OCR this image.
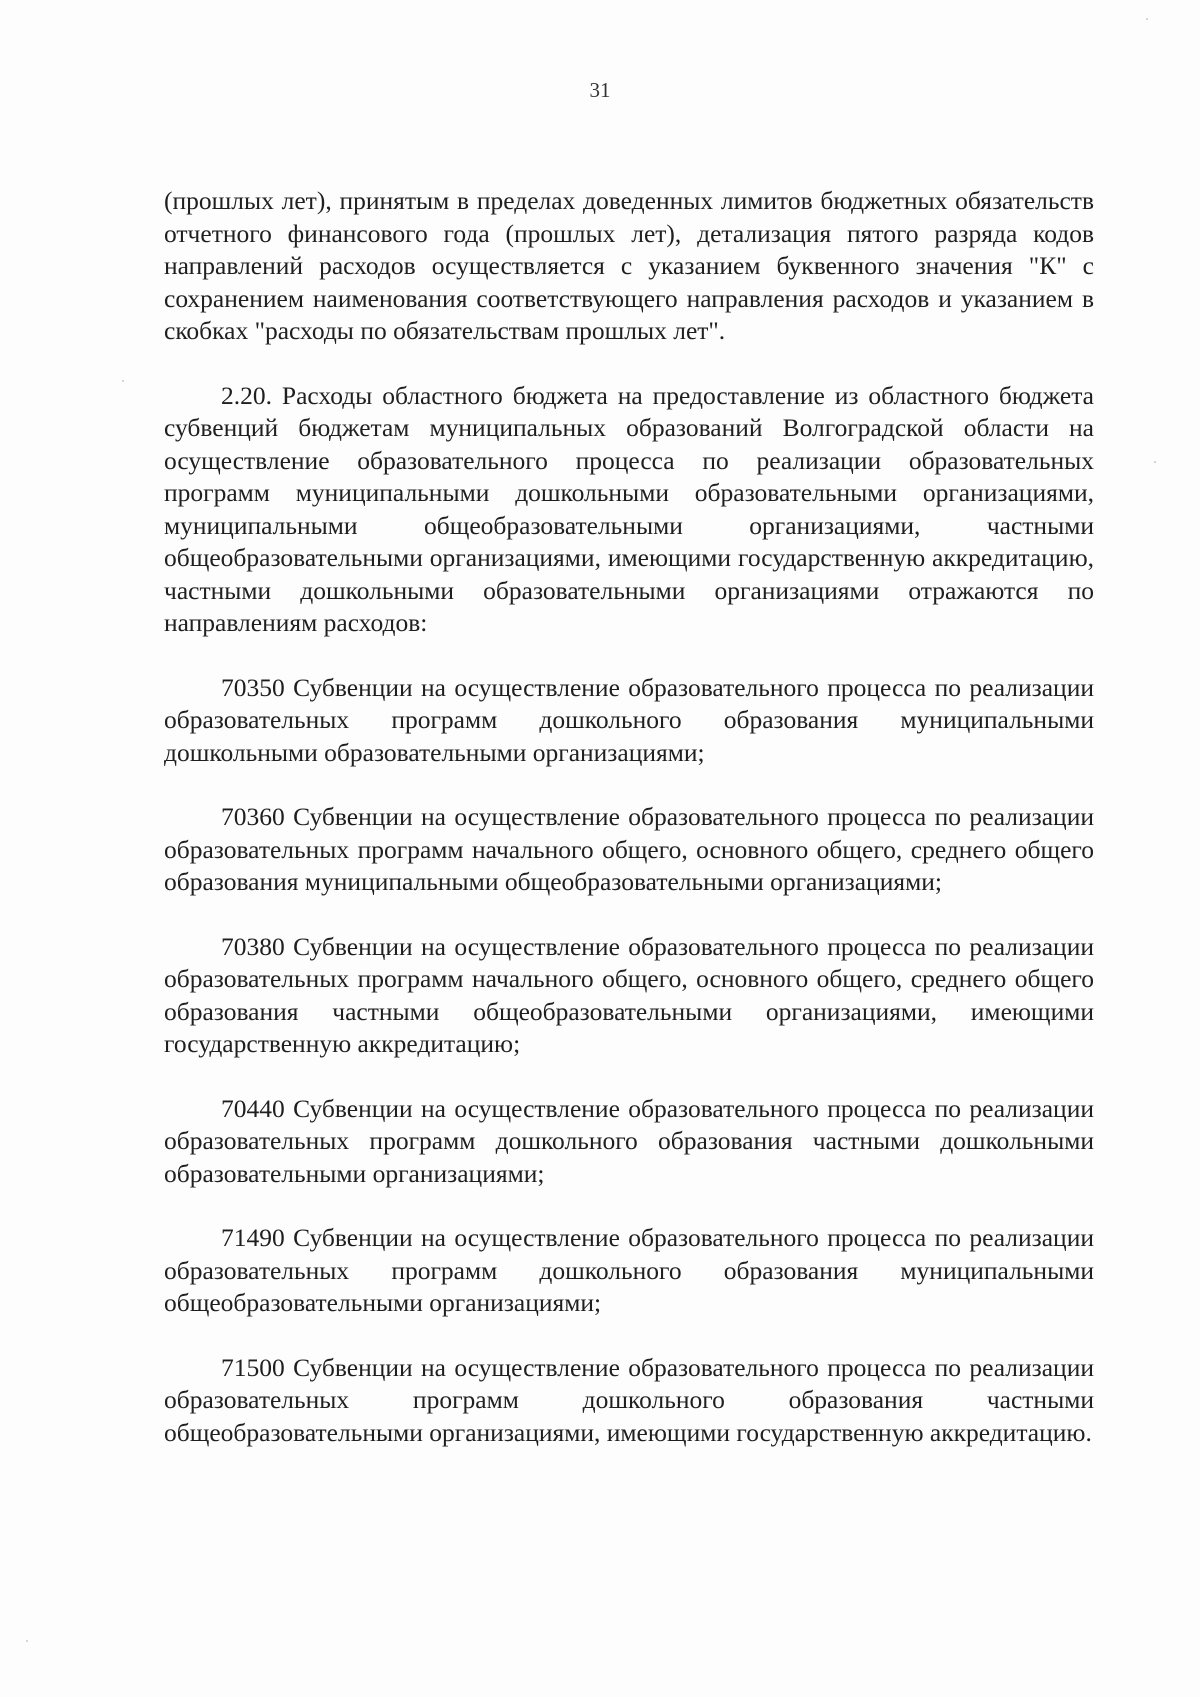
31

(прошлых лет), принятым в пределах доведенных лимитов бюджетных обязательств отчетного финансового года (прошлых лет), детализация пятого разряда кодов направлений расходов осуществляется с указанием буквенного значения "К" с сохранением наименования соответствующего направления расходов и указанием в скобках "расходы по обязательствам прошлых лет".

2.20. Расходы областного бюджета на предоставление из областного бюджета субвенций бюджетам муниципальных образований Волгоградской области на осуществление образовательного процесса по реализации образовательных программ муниципальными дошкольными образовательными организациями, муниципальными общеобразовательными организациями, частными общеобразовательными организациями, имеющими государственную аккредитацию, частными дошкольными образовательными организациями отражаются по направлениям расходов:

70350 Субвенции на осуществление образовательного процесса по реализации образовательных программ дошкольного образования муниципальными дошкольными образовательными организациями;

70360 Субвенции на осуществление образовательного процесса по реализации образовательных программ начального общего, основного общего, среднего общего образования муниципальными общеобразовательными организациями;

70380 Субвенции на осуществление образовательного процесса по реализации образовательных программ начального общего, основного общего, среднего общего образования частными общеобразовательными организациями, имеющими государственную аккредитацию;

70440 Субвенции на осуществление образовательного процесса по реализации образовательных программ дошкольного образования частными дошкольными образовательными организациями;

71490 Субвенции на осуществление образовательного процесса по реализации образовательных программ дошкольного образования муниципальными общеобразовательными организациями;

71500 Субвенции на осуществление образовательного процесса по реализации образовательных программ дошкольного образования частными общеобразовательными организациями, имеющими государственную аккредитацию.
